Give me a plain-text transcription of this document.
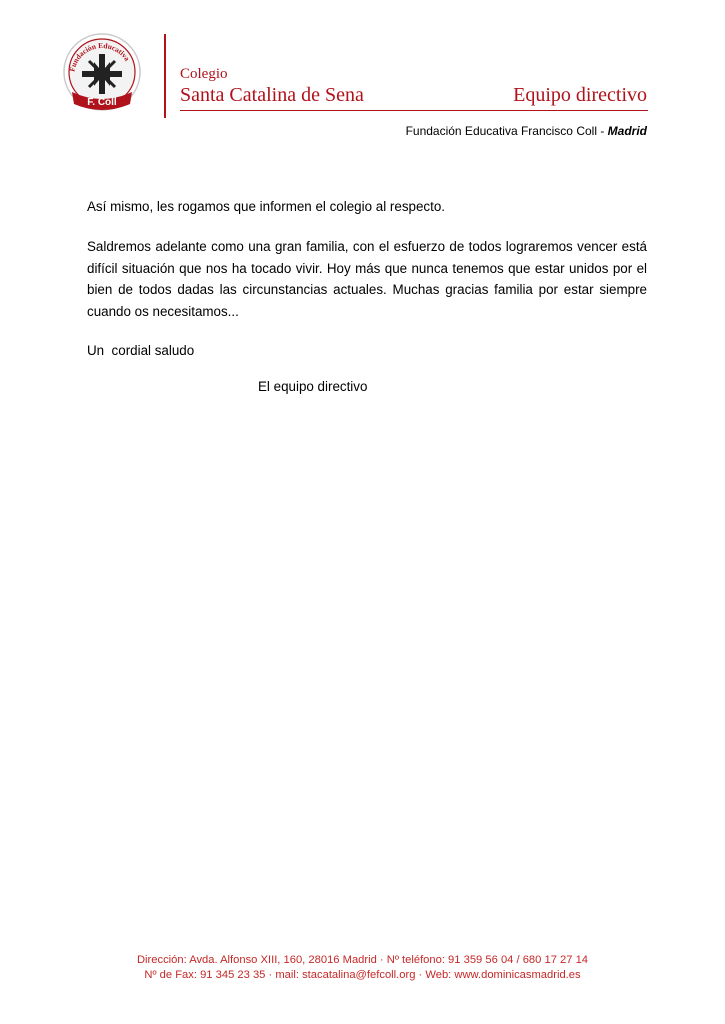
Fundación Educativa
F. Coll
Colegio
Santa Catalina de Sena	Equipo directivo
Fundación Educativa Francisco Coll - Madrid
Así mismo, les rogamos que informen el colegio al respecto.
Saldremos adelante como una gran familia, con el esfuerzo de todos lograremos vencer está difícil situación que nos ha tocado vivir. Hoy más que nunca tenemos que estar unidos por el bien de todos dadas las circunstancias actuales. Muchas gracias familia por estar siempre cuando os necesitamos...
Un  cordial saludo
El equipo directivo
Dirección: Avda. Alfonso XIII, 160, 28016 Madrid · Nº teléfono: 91 359 56 04 / 680 17 27 14
Nº de Fax: 91 345 23 35 · mail: stacatalina@fefcoll.org · Web: www.dominicasmadrid.es
